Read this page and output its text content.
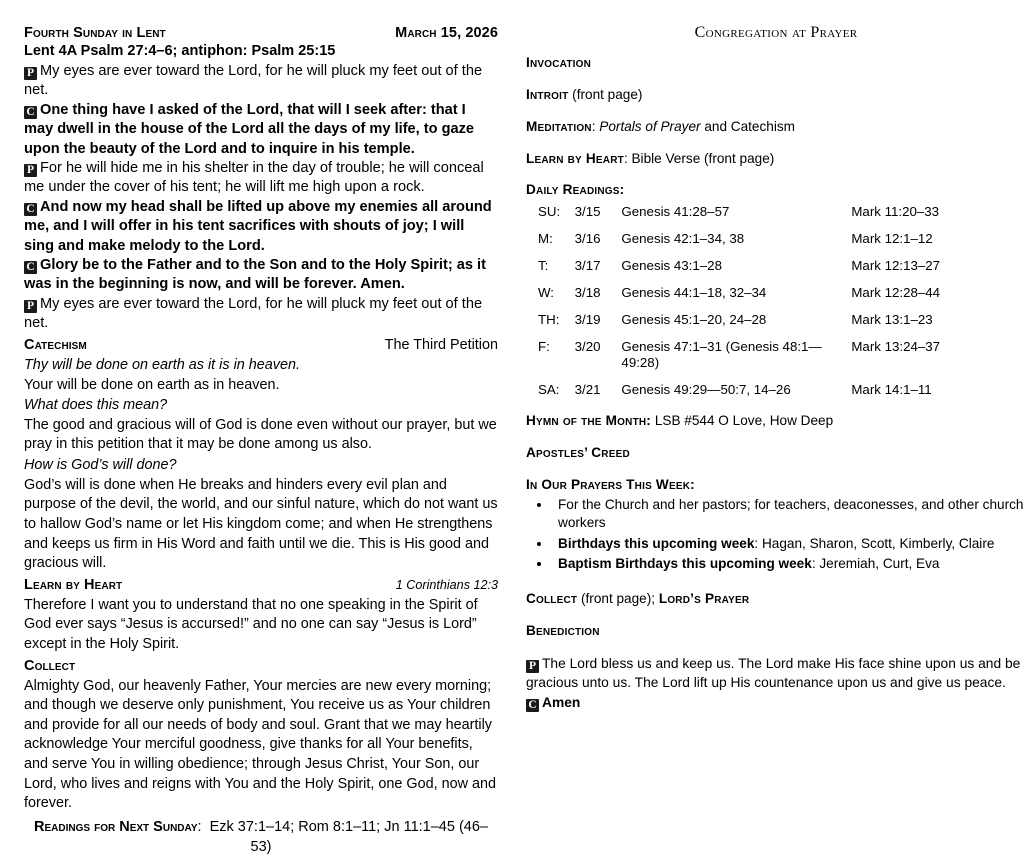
Fourth Sunday in Lent	March 15, 2026
Lent 4A Psalm 27:4–6; antiphon: Psalm 25:15

P My eyes are ever toward the Lord, for he will pluck my feet out of the net.

C One thing have I asked of the Lord, that will I seek after: that I may dwell in the house of the Lord all the days of my life, to gaze upon the beauty of the Lord and to inquire in his temple.

P For he will hide me in his shelter in the day of trouble; he will conceal me under the cover of his tent; he will lift me high upon a rock.

C And now my head shall be lifted up above my enemies all around me, and I will offer in his tent sacrifices with shouts of joy; I will sing and make melody to the Lord.

C Glory be to the Father and to the Son and to the Holy Spirit; as it was in the beginning is now, and will be forever. Amen.

P My eyes are ever toward the Lord, for he will pluck my feet out of the net.

Catechism	The Third Petition
Thy will be done on earth as it is in heaven.
Your will be done on earth as in heaven.
What does this mean?
The good and gracious will of God is done even without our prayer, but we pray in this petition that it may be done among us also.
How is God’s will done?
God’s will is done when He breaks and hinders every evil plan and purpose of the devil, the world, and our sinful nature, which do not want us to hallow God’s name or let His kingdom come; and when He strengthens and keeps us firm in His Word and faith until we die. This is His good and gracious will.
Learn by Heart	1 Corinthians 12:3
Therefore I want you to understand that no one speaking in the Spirit of God ever says “Jesus is accursed!” and no one can say “Jesus is Lord” except in the Holy Spirit.
Collect
Almighty God, our heavenly Father, Your mercies are new every morning; and though we deserve only punishment, You receive us as Your children and provide for all our needs of body and soul. Grant that we may heartily acknowledge Your merciful goodness, give thanks for all Your benefits, and serve You in willing obedience; through Jesus Christ, Your Son, our Lord, who lives and reigns with You and the Holy Spirit, one God, now and forever.
Readings for Next Sunday: Ezk 37:1–14; Rom 8:1–11; Jn 11:1–45 (46–53)
Congregation at Prayer
Invocation
Introit (front page)
Meditation: Portals of Prayer and Catechism
Learn by Heart: Bible Verse (front page)
Daily Readings:
SU:	3/15	Genesis 41:28–57	Mark 11:20–33
M:	3/16	Genesis 42:1–34, 38	Mark 12:1–12
T:	3/17	Genesis 43:1–28	Mark 12:13–27
W:	3/18	Genesis 44:1–18, 32–34	Mark 12:28–44
TH:	3/19	Genesis 45:1–20, 24–28	Mark 13:1–23
F:	3/20	Genesis 47:1–31 (Genesis 48:1—49:28)	Mark 13:24–37
SA:	3/21	Genesis 49:29—50:7, 14–26	Mark 14:1–11
Hymn of the Month: LSB #544 O Love, How Deep
Apostles’ Creed
In Our Prayers This Week:
• For the Church and her pastors; for teachers, deaconesses, and other church workers
• Birthdays this upcoming week: Hagan, Sharon, Scott, Kimberly, Claire
• Baptism Birthdays this upcoming week: Jeremiah, Curt, Eva
Collect (front page); Lord’s Prayer
Benediction
P The Lord bless us and keep us. The Lord make His face shine upon us and be gracious unto us. The Lord lift up His countenance upon us and give us peace.
C Amen
